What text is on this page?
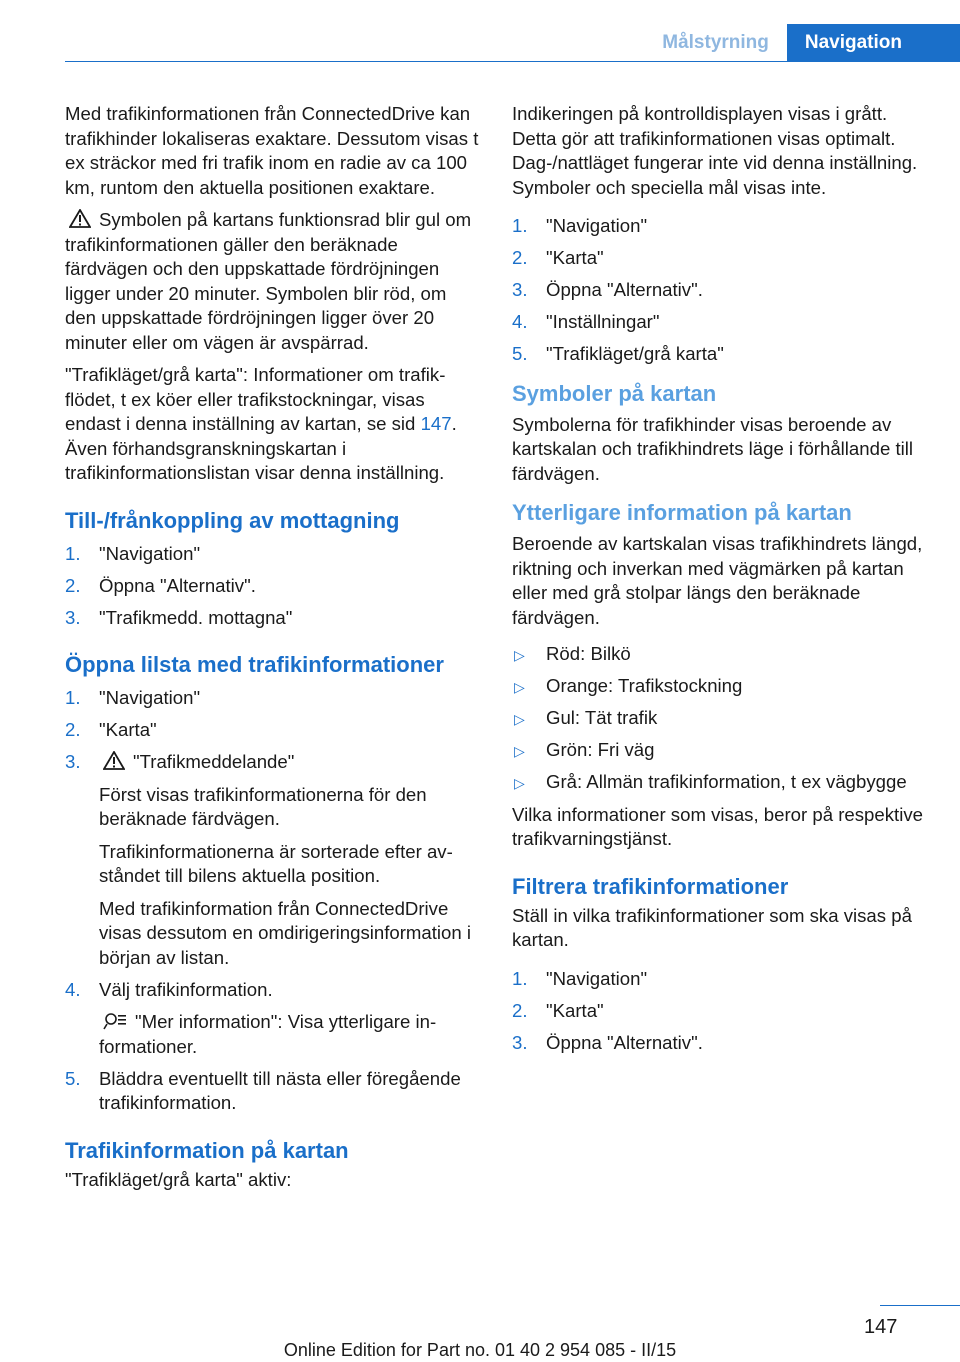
Målstyrning	Navigation

Med trafikinformationen från ConnectedDrive kan trafikhinder lokaliseras exaktare. Dessutom visas t ex sträckor med fri trafik inom en radie av ca 100 km, runtom den aktuella positionen exaktare.

Symbolen på kartans funktionsrad blir gul om trafikinformationen gäller den beräknade färdvägen och den uppskattade fördröjningen ligger under 20 minuter. Symbolen blir röd, om den uppskattade fördröjningen ligger över 20 minuter eller om vägen är avspärrad.

"Trafikläget/grå karta": Informationer om trafikflödet, t ex köer eller trafikstockningar, visas endast i denna inställning av kartan, se sid 147. Även förhandsgranskningskartan i trafikinformationslistan visar denna inställning.

Till-/frånkoppling av mottagning
1. "Navigation"
2. Öppna "Alternativ".
3. "Trafikmedd. mottagna"
Öppna lilsta med trafikinformationer
1. "Navigation"
2. "Karta"
3.	"Trafikmeddelande"
Först visas trafikinformationerna för den beräknade färdvägen.
Trafikinformationerna är sorterade efter avståndet till bilens aktuella position.
Med trafikinformation från ConnectedDrive visas dessutom en omdirigeringsinformation i början av listan.
4. Välj trafikinformation.
"Mer information": Visa ytterligare informationer.
5. Bläddra eventuellt till nästa eller föregående trafikinformation.
Trafikinformation på kartan

"Trafikläget/grå karta" aktiv:

Indikeringen på kontrolldisplayen visas i grått. Detta gör att trafikinformationen visas optimalt. Dag-/nattläget fungerar inte vid denna inställning. Symboler och speciella mål visas inte.

1. "Navigation"
2. "Karta"
3. Öppna "Alternativ".
4. "Inställningar"
5. "Trafikläget/grå karta"
Symboler på kartan

Symbolerna för trafikhinder visas beroende av kartskalan och trafikhindrets läge i förhållande till färdvägen.

Ytterligare information på kartan

Beroende av kartskalan visas trafikhindrets längd, riktning och inverkan med vägmärken på kartan eller med grå stolpar längs den beräknade färdvägen.

▷ Röd: Bilkö
▷ Orange: Trafikstockning
▷ Gul: Tät trafik
▷ Grön: Fri väg
▷ Grå: Allmän trafikinformation, t ex vägbygge

Vilka informationer som visas, beror på respektive trafikvarningstjänst.

Filtrera trafikinformationer

Ställ in vilka trafikinformationer som ska visas på kartan.

1. "Navigation"
2. "Karta"
3. Öppna "Alternativ".
147
Online Edition for Part no. 01 40 2 954 085 - II/15
